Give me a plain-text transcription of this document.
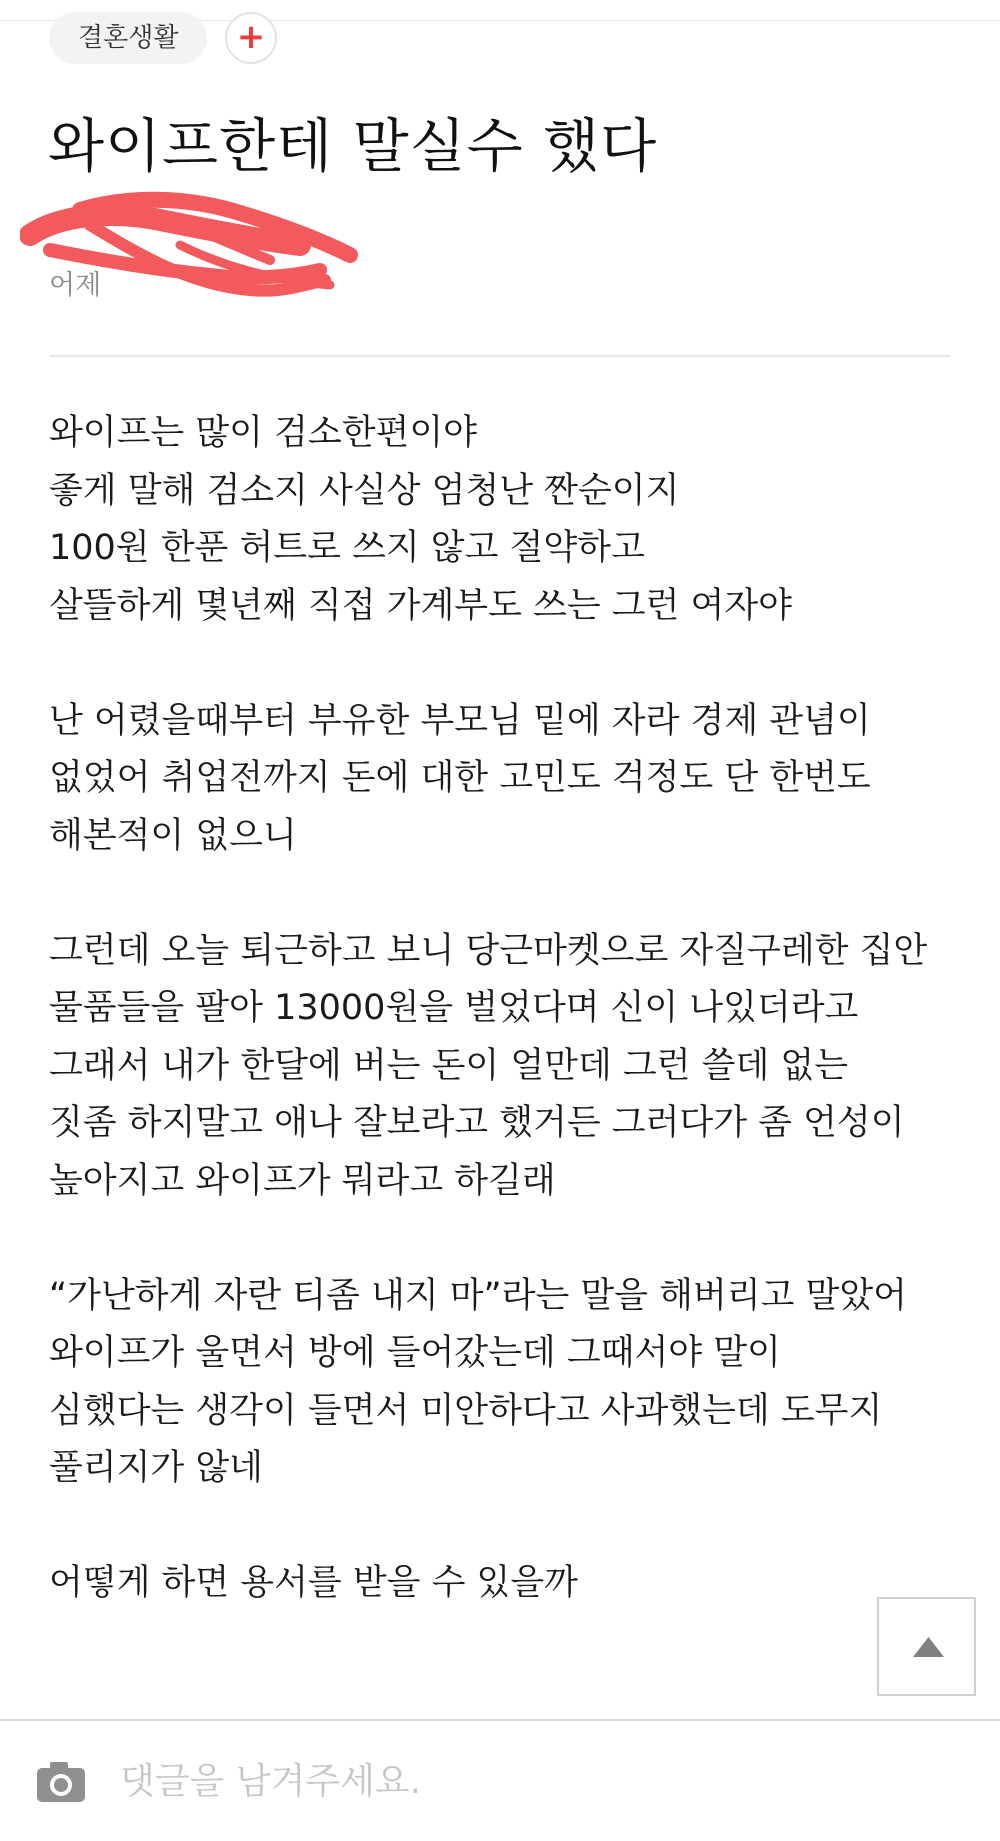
결혼생활	+
와이프한테 말실수 했다
어제
와이프는 많이 검소한편이야
좋게 말해 검소지 사실상 엄청난 짠순이지
100원 한푼 허트로 쓰지 않고 절약하고
살뜰하게 몇년째 직접 가계부도 쓰는 그런 여자야
난 어렸을때부터 부유한 부모님 밑에 자라 경제 관념이
없었어 취업전까지 돈에 대한 고민도 걱정도 단 한번도
해본적이 없으니
그런데 오늘 퇴근하고 보니 당근마켓으로 자질구레한 집안
물품들을 팔아 13000원을 벌었다며 신이 나있더라고
그래서 내가 한달에 버는 돈이 얼만데 그런 쓸데 없는
짓좀 하지말고 애나 잘보라고 했거든 그러다가 좀 언성이
높아지고 와이프가 뭐라고 하길래
“가난하게 자란 티좀 내지 마”라는 말을 해버리고 말았어
와이프가 울면서 방에 들어갔는데 그때서야 말이
심했다는 생각이 들면서 미안하다고 사과했는데 도무지
풀리지가 않네
어떻게 하면 용서를 받을 수 있을까
댓글을 남겨주세요.
